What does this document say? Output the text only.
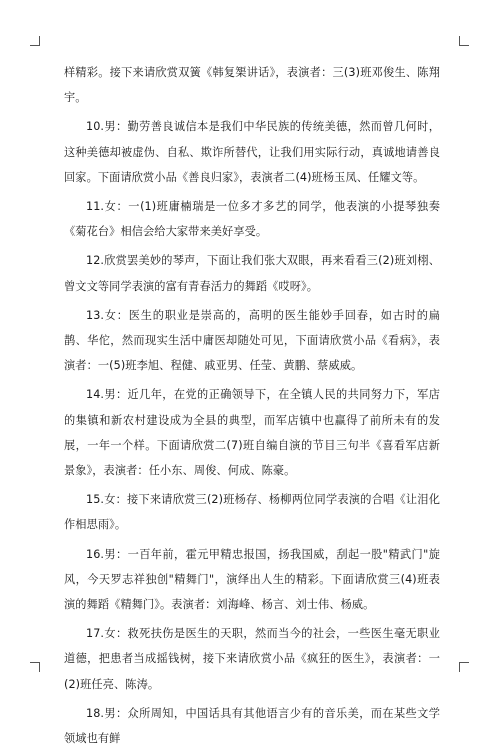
样精彩。接下来请欣赏双簧《韩复榘讲话》，表演者：三(3)班邓俊生、陈翔宇。

10.男：勤劳善良诚信本是我们中华民族的传统美德，然而曾几何时，这种美德却被虚伪、自私、欺诈所替代，让我们用实际行动，真诚地请善良回家。下面请欣赏小品《善良归家》，表演者二(4)班杨玉凤、任耀文等。

11.女：一(1)班庸楠瑞是一位多才多艺的同学，他表演的小提琴独奏《菊花台》相信会给大家带来美好享受。

12.欣赏罢美妙的琴声，下面让我们张大双眼，再来看看三(2)班刘栩、曾文文等同学表演的富有青春活力的舞蹈《哎呀》。

13.女：医生的职业是崇高的，高明的医生能妙手回春，如古时的扁鹊、华佗，然而现实生活中庸医却随处可见，下面请欣赏小品《看病》，表演者：一(5)班李旭、程健、戚亚男、任莹、黄鹏、蔡威威。

14.男：近几年，在党的正确领导下，在全镇人民的共同努力下，军店的集镇和新农村建设成为全县的典型，而军店镇中也赢得了前所未有的发展，一年一个样。下面请欣赏二(7)班自编自演的节目三句半《喜看军店新景象》，表演者：任小东、周俊、何成、陈豪。

15.女：接下来请欣赏三(2)班杨存、杨柳两位同学表演的合唱《让泪化作相思雨》。

16.男：一百年前，霍元甲精忠报国，扬我国威，刮起一股"精武门"旋风，今天罗志祥独创"精舞门"，演绎出人生的精彩。下面请欣赏三(4)班表演的舞蹈《精舞门》。表演者：刘海峰、杨言、刘士伟、杨威。

17.女：救死扶伤是医生的天职，然而当今的社会，一些医生毫无职业道德，把患者当成摇钱树，接下来请欣赏小品《疯狂的医生》，表演者：一(2)班任亮、陈涛。

18.男：众所周知，中国话具有其他语言少有的音乐美，而在某些文学领域也有鲜
